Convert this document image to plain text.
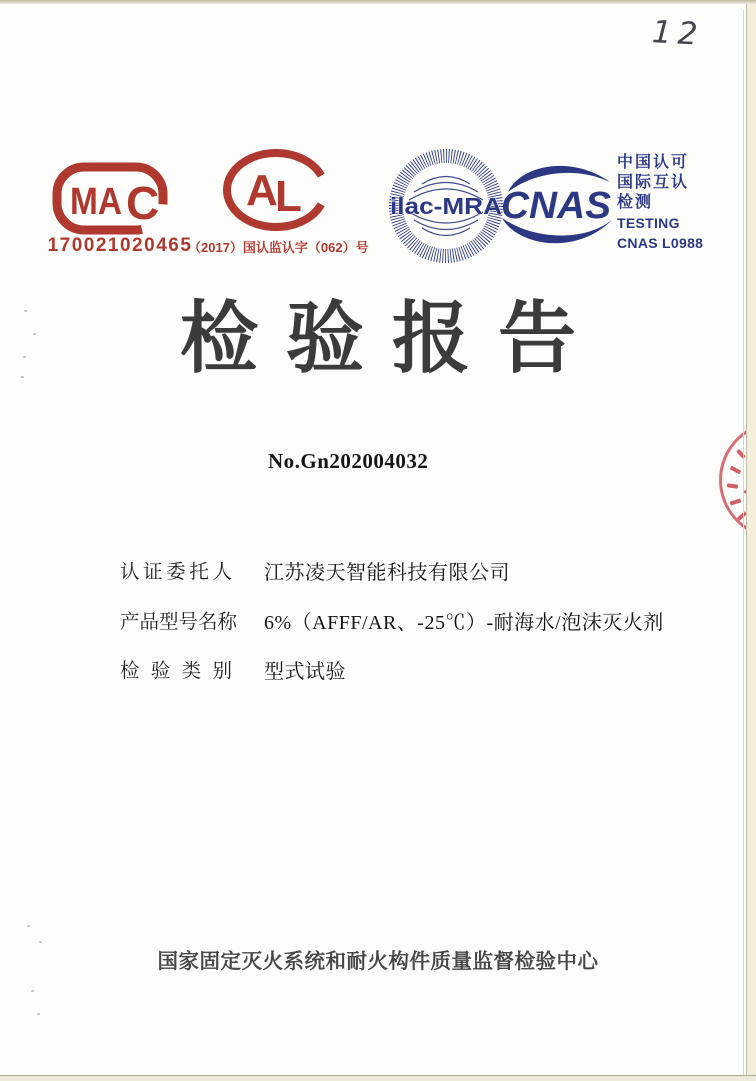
12
MA C
170021020465
A
L
（2017）国认监认字（062）号
ilac-MRA CNAS
中国认可
国际互认
检测
TESTING
CNAS L0988
检验报告
No.Gn202004032
认证委托人 江苏凌天智能科技有限公司
产品型号名称 6%（AFFF/AR、-25℃）-耐海水/泡沫灭火剂
检验类别 型式试验
国家固定灭火系统和耐火构件质量监督检验中心
